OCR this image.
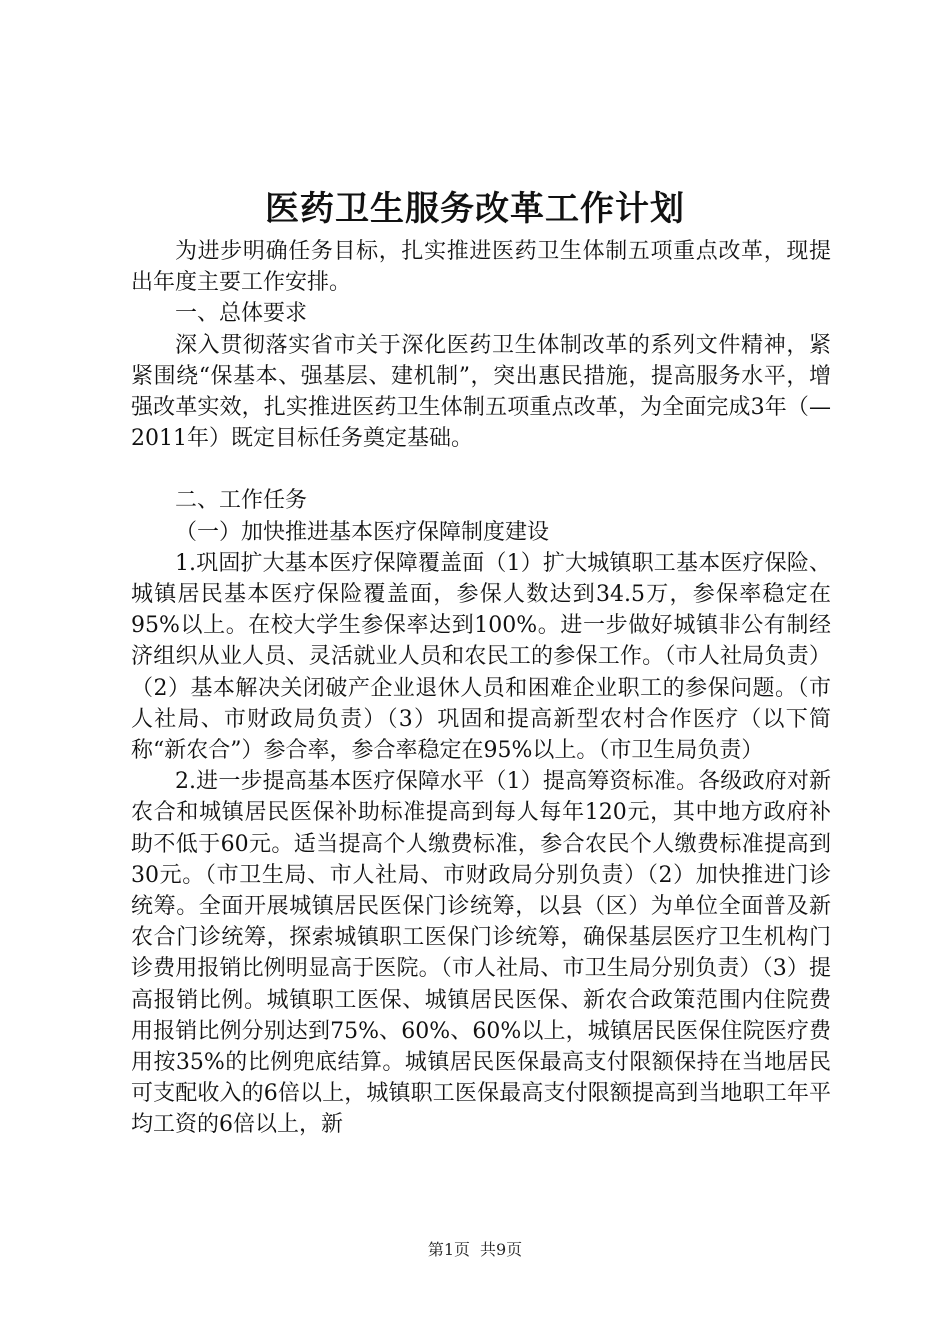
医药卫生服务改革工作计划

为进步明确任务目标，扎实推进医药卫生体制五项重点改革，现提出年度主要工作安排。

一、总体要求

深入贯彻落实省市关于深化医药卫生体制改革的系列文件精神，紧紧围绕“保基本、强基层、建机制”，突出惠民措施，提高服务水平，增强改革实效，扎实推进医药卫生体制五项重点改革，为全面完成3年（—2011年）既定目标任务奠定基础。

二、工作任务

（一）加快推进基本医疗保障制度建设

1.巩固扩大基本医疗保障覆盖面（1）扩大城镇职工基本医疗保险、城镇居民基本医疗保险覆盖面，参保人数达到34.5万，参保率稳定在95%以上。在校大学生参保率达到100%。进一步做好城镇非公有制经济组织从业人员、灵活就业人员和农民工的参保工作。（市人社局负责）（2）基本解决关闭破产企业退休人员和困难企业职工的参保问题。（市人社局、市财政局负责）（3）巩固和提高新型农村合作医疗（以下简称“新农合”）参合率，参合率稳定在95%以上。（市卫生局负责）

2.进一步提高基本医疗保障水平（1）提高筹资标准。各级政府对新农合和城镇居民医保补助标准提高到每人每年120元，其中地方政府补助不低于60元。适当提高个人缴费标准，参合农民个人缴费标准提高到30元。（市卫生局、市人社局、市财政局分别负责）（2）加快推进门诊统筹。全面开展城镇居民医保门诊统筹，以县（区）为单位全面普及新农合门诊统筹，探索城镇职工医保门诊统筹，确保基层医疗卫生机构门诊费用报销比例明显高于医院。（市人社局、市卫生局分别负责）（3）提高报销比例。城镇职工医保、城镇居民医保、新农合政策范围内住院费用报销比例分别达到75%、60%、60%以上，城镇居民医保住院医疗费用按35%的比例兜底结算。城镇居民医保最高支付限额保持在当地居民可支配收入的6倍以上，城镇职工医保最高支付限额提高到当地职工年平均工资的6倍以上，新

第1页 共9页
